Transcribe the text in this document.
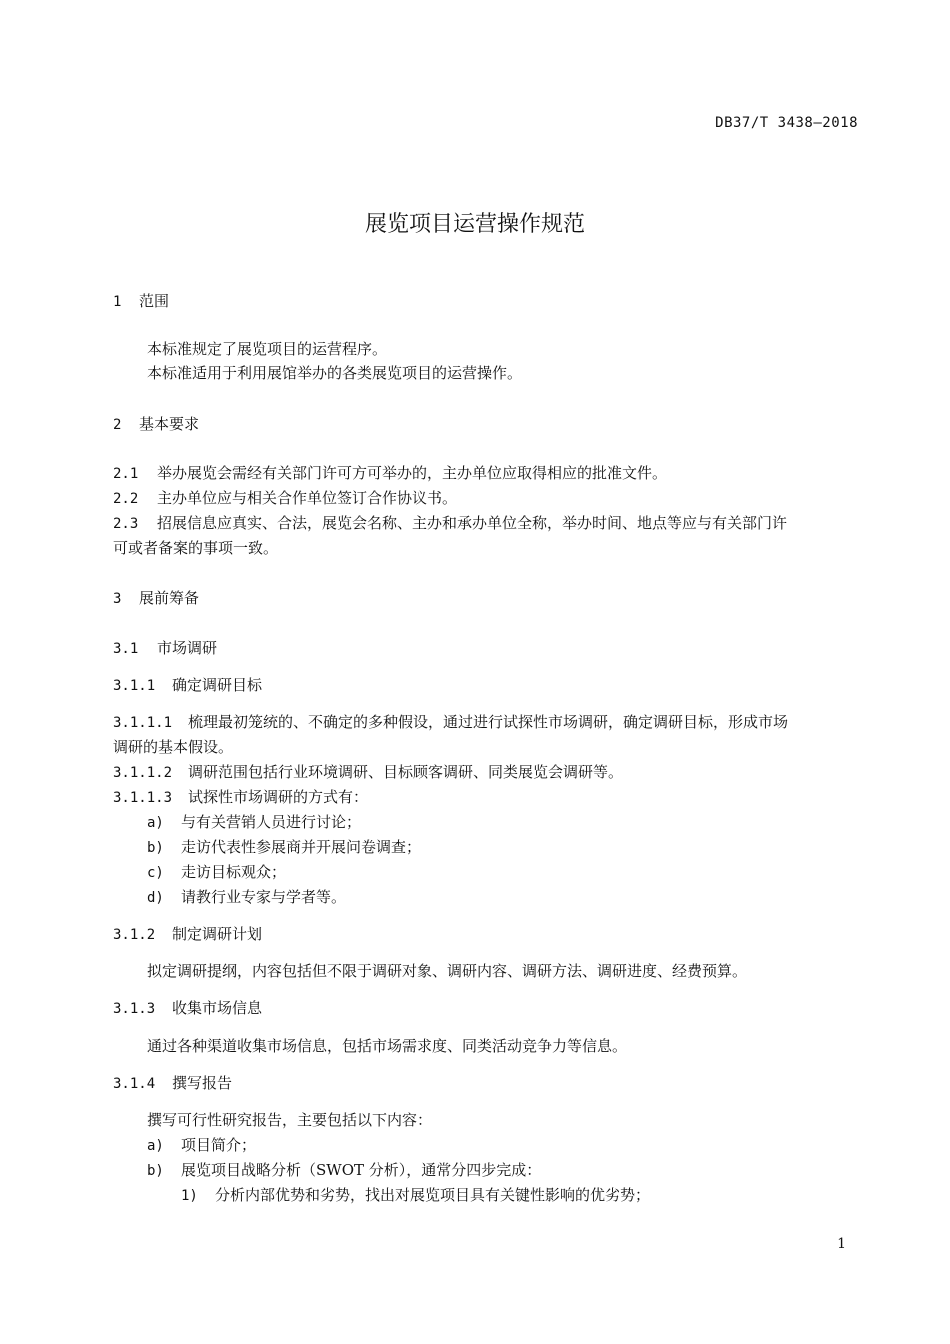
DB37/T 3438—2018
展览项目运营操作规范
1 范围
本标准规定了展览项目的运营程序。
本标准适用于利用展馆举办的各类展览项目的运营操作。
2 基本要求
2.1 举办展览会需经有关部门许可方可举办的，主办单位应取得相应的批准文件。
2.2 主办单位应与相关合作单位签订合作协议书。
2.3 招展信息应真实、合法，展览会名称、主办和承办单位全称，举办时间、地点等应与有关部门许
可或者备案的事项一致。
3 展前筹备
3.1 市场调研
3.1.1 确定调研目标
3.1.1.1 梳理最初笼统的、不确定的多种假设，通过进行试探性市场调研，确定调研目标，形成市场
调研的基本假设。
3.1.1.2 调研范围包括行业环境调研、目标顾客调研、同类展览会调研等。
3.1.1.3 试探性市场调研的方式有：
a) 与有关营销人员进行讨论；
b) 走访代表性参展商并开展问卷调查；
c) 走访目标观众；
d) 请教行业专家与学者等。
3.1.2 制定调研计划
拟定调研提纲，内容包括但不限于调研对象、调研内容、调研方法、调研进度、经费预算。
3.1.3 收集市场信息
通过各种渠道收集市场信息，包括市场需求度、同类活动竞争力等信息。
3.1.4 撰写报告
撰写可行性研究报告，主要包括以下内容：
a) 项目简介；
b) 展览项目战略分析（SWOT 分析），通常分四步完成：
1) 分析内部优势和劣势，找出对展览项目具有关键性影响的优劣势；
1
